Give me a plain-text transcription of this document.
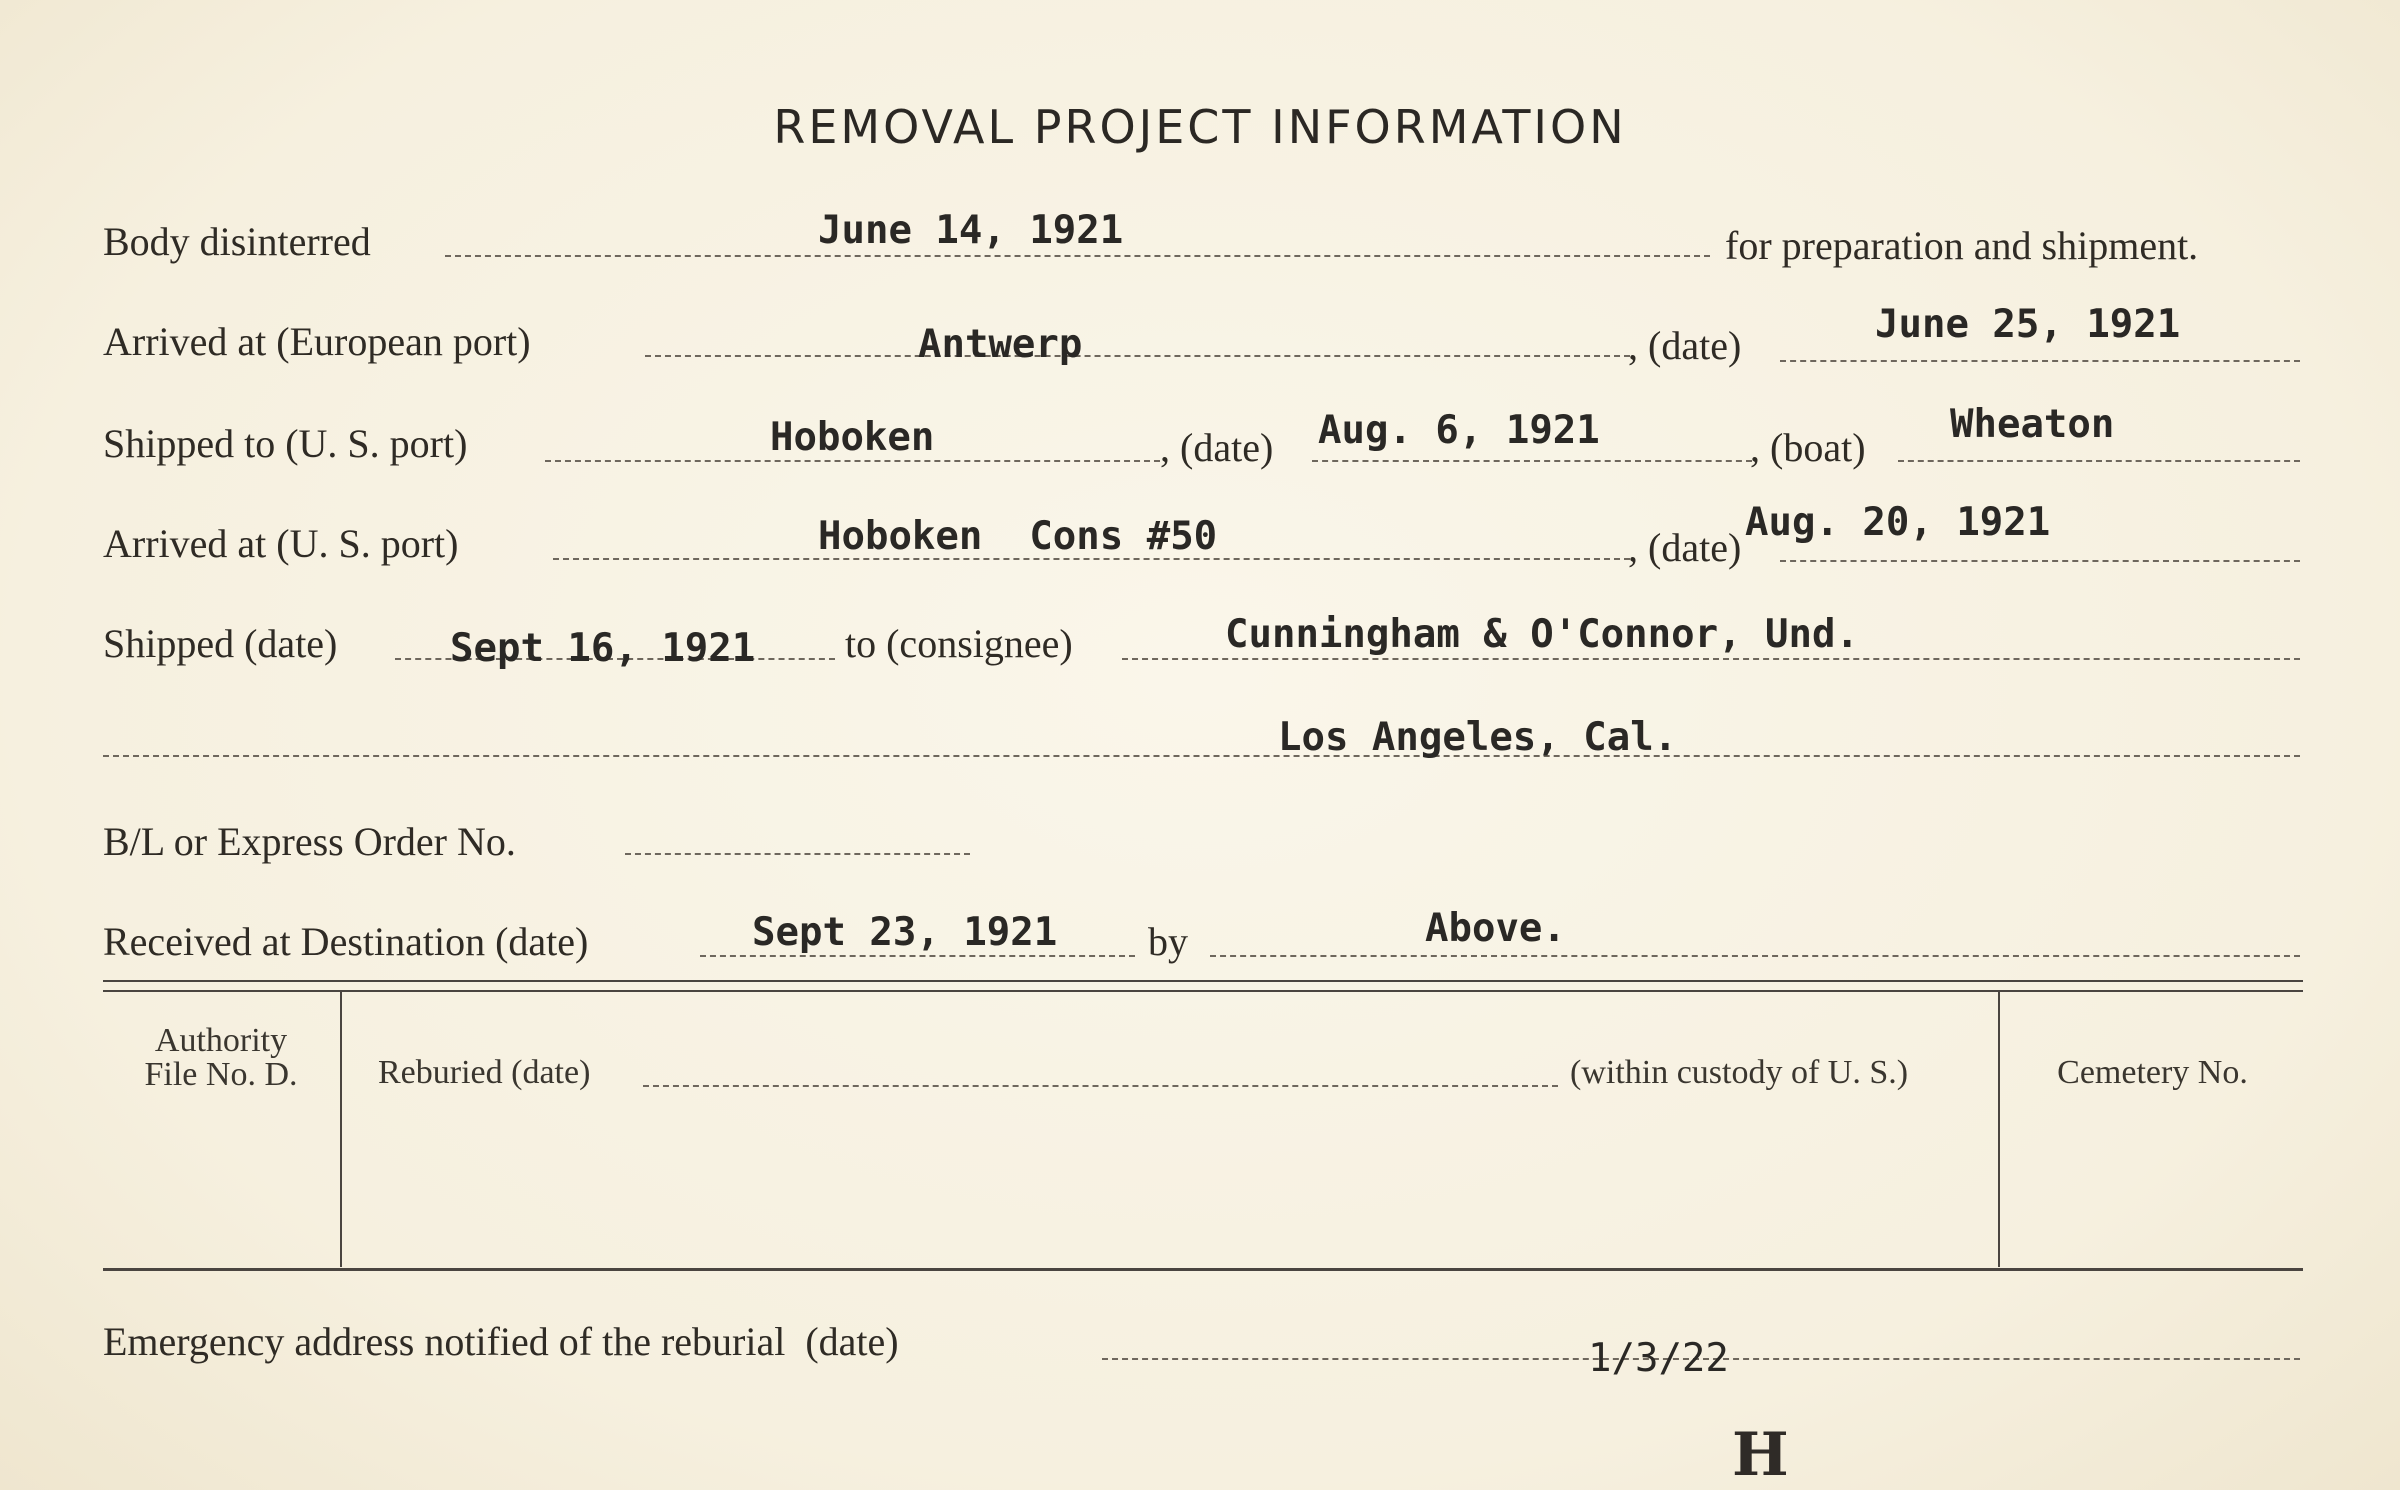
REMOVAL PROJECT INFORMATION
Body disinterred	June 14, 1921	for preparation and shipment.
Arrived at (European port)	Antwerp	, (date)	June 25, 1921
Shipped to (U. S. port)	Hoboken	, (date) Aug. 6, 1921	, (boat)
Wheaton
Arrived at (U. S. port)	Hoboken  Cons #50	, (date)
Aug. 20, 1921
Shipped (date)	Sept 16, 1921 to (consignee)	Cunningham & O'Connor, Und.
Los Angeles, Cal.
B/L or Express Order No.
Received at Destination (date)	Sept 23, 1921 by	Above.
Authority
File No. D.	Reburied (date)	(within custody of U. S.)	Cemetery No.
Emergency address notified of the reburial  (date)	1/3/22
H
